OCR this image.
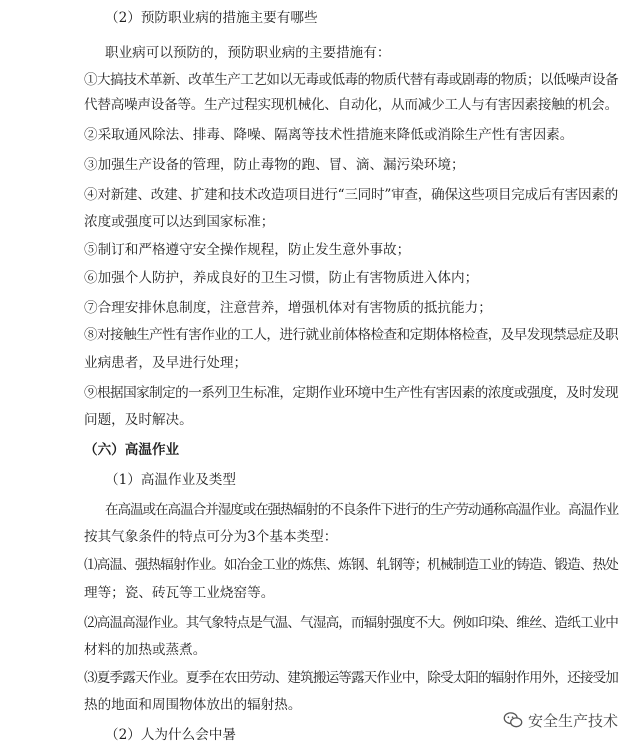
（2）预防职业病的措施主要有哪些
职业病可以预防的，预防职业病的主要措施有：
①大搞技术革新、改革生产工艺如以无毒或低毒的物质代替有毒或剧毒的物质；以低噪声设备
代替高噪声设备等。生产过程实现机械化、自动化，从而减少工人与有害因素接触的机会。
②采取通风除法、排毒、降噪、隔离等技术性措施来降低或消除生产性有害因素。
③加强生产设备的管理，防止毒物的跑、冒、滴、漏污染环境；
④对新建、改建、扩建和技术改造项目进行“三同时”审查，确保这些项目完成后有害因素的
浓度或强度可以达到国家标准；
⑤制订和严格遵守安全操作规程，防止发生意外事故；
⑥加强个人防护，养成良好的卫生习惯，防止有害物质进入体内；
⑦合理安排休息制度，注意营养，增强机体对有害物质的抵抗能力；
⑧对接触生产性有害作业的工人，进行就业前体格检查和定期体格检查，及早发现禁忌症及职
业病患者，及早进行处理；
⑨根据国家制定的一系列卫生标准，定期作业环境中生产性有害因素的浓度或强度，及时发现
问题，及时解决。
（六）高温作业
（1）高温作业及类型
在高温或在高温合并湿度或在强热辐射的不良条件下进行的生产劳动通称高温作业。高温作业
按其气象条件的特点可分为3个基本类型：
⑴高温、强热辐射作业。如冶金工业的炼焦、炼钢、轧钢等；机械制造工业的铸造、锻造、热处
理等；瓷、砖瓦等工业烧窑等。
⑵高温高湿作业。其气象特点是气温、气湿高，而辐射强度不大。例如印染、维丝、造纸工业中
材料的加热或蒸煮。
⑶夏季露天作业。夏季在农田劳动、建筑搬运等露天作业中，除受太阳的辐射作用外，还接受加
热的地面和周围物体放出的辐射热。
（2）人为什么会中暑
安全生产技术
